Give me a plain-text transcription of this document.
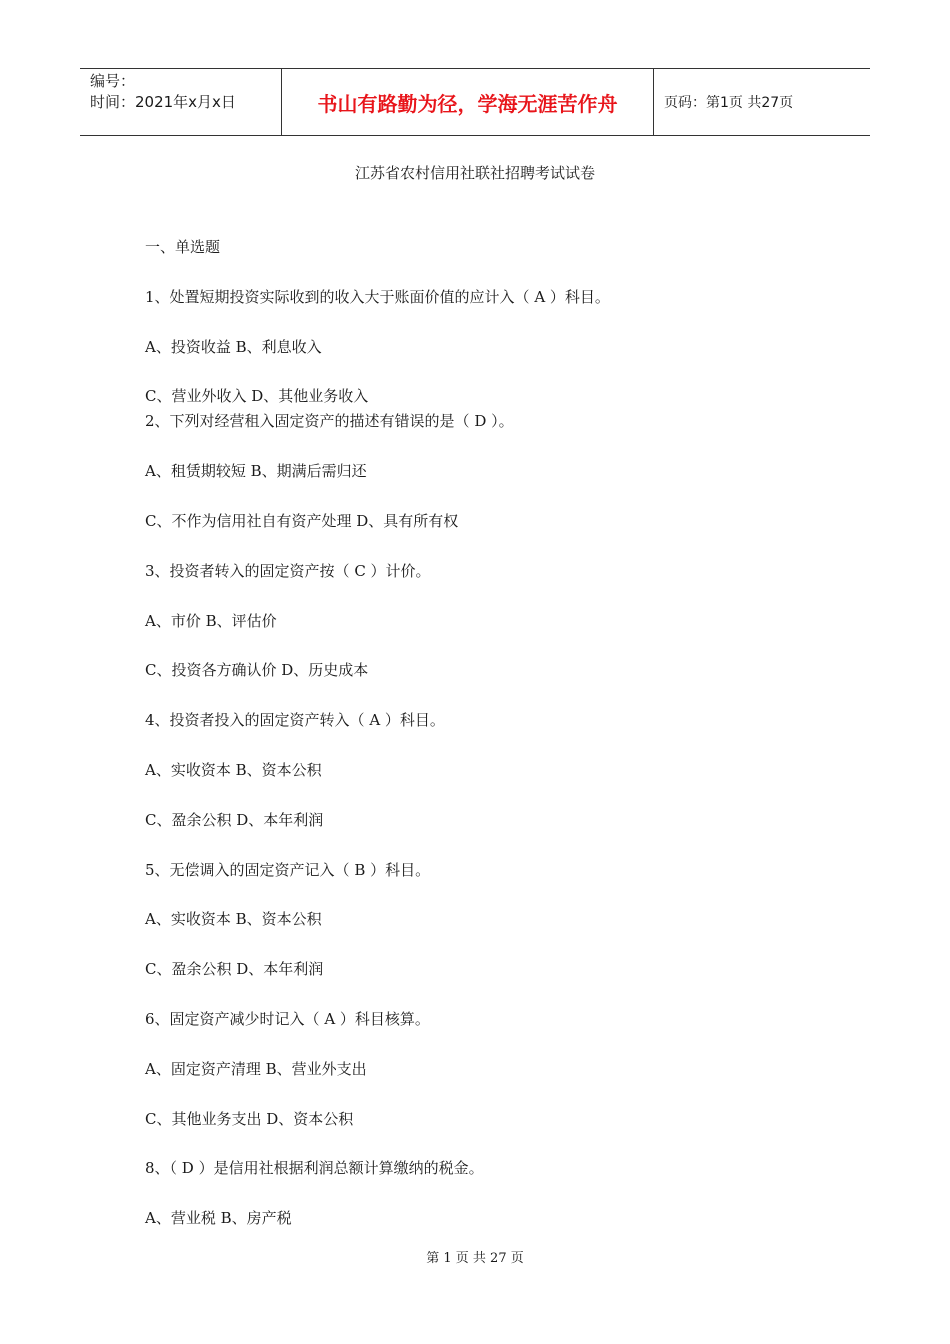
编号：
时间：2021年x月x日	书山有路勤为径，学海无涯苦作舟	页码：第1页 共27页
江苏省农村信用社联社招聘考试试卷
一、单选题
1、处置短期投资实际收到的收入大于账面价值的应计入（ A ）科目。
A、投资收益 B、利息收入
C、营业外收入 D、其他业务收入
2、下列对经营租入固定资产的描述有错误的是（ D ）。
A、租赁期较短 B、期满后需归还
C、不作为信用社自有资产处理 D、具有所有权
3、投资者转入的固定资产按（ C ）计价。
A、市价 B、评估价
C、投资各方确认价 D、历史成本
4、投资者投入的固定资产转入（ A ）科目。
A、实收资本 B、资本公积
C、盈余公积 D、本年利润
5、无偿调入的固定资产记入（ B ）科目。
A、实收资本 B、资本公积
C、盈余公积 D、本年利润
6、固定资产减少时记入（ A ）科目核算。
A、固定资产清理 B、营业外支出
C、其他业务支出 D、资本公积
8、（ D ）是信用社根据利润总额计算缴纳的税金。
A、营业税 B、房产税
第 1 页 共 27 页
